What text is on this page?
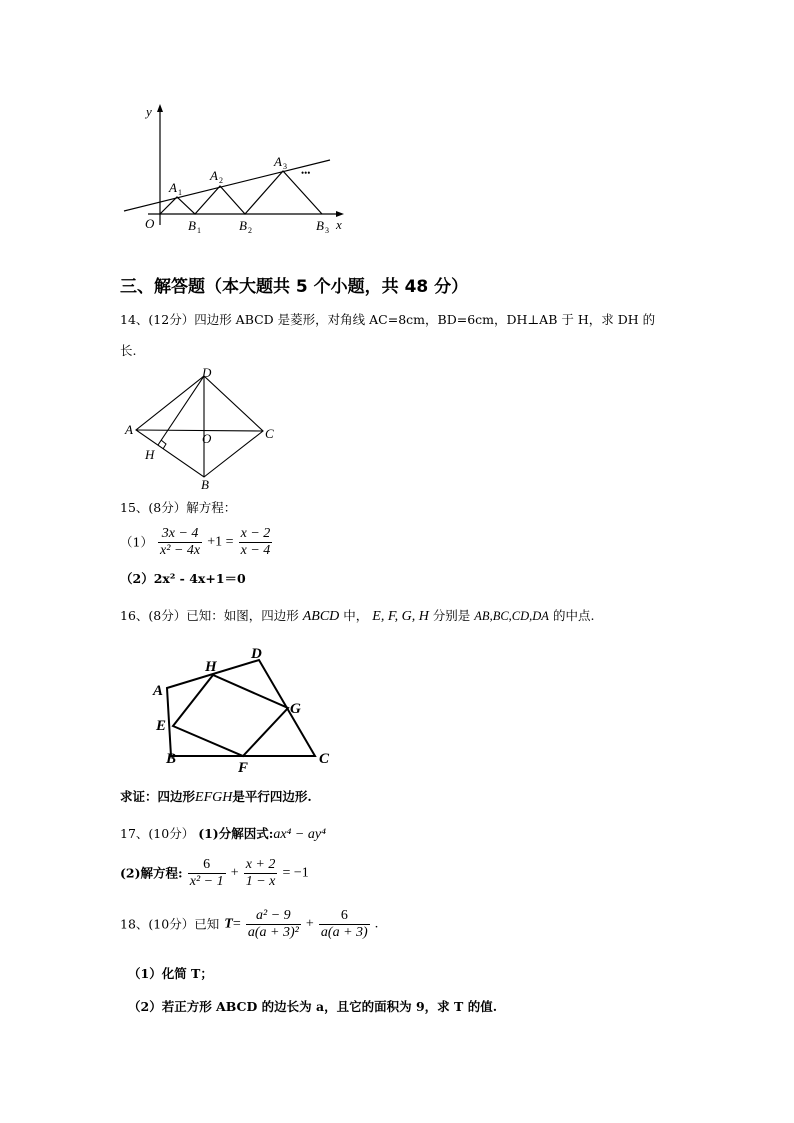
y
x
O
A 1
A 2
A 3
•••
B 1	B 2	B 3
三、解答题（本大题共 5 个小题，共 48 分）
14、(12分）四边形 ABCD 是菱形，对角线 AC=8cm，BD=6cm，DH⊥AB 于 H，求 DH 的
长.
D
A	C
O
H
B
15、(8分）解方程：
$(1) \frac{3x - 4}{\text{x² − 4x}} +1 = \frac{x - 2}{x - 4}$
（2）2x² - 4x+1＝0
16、(8分）已知：如图，四边形 ABCD 中， E, F, G, H 分别是 AB,BC,CD,DA 的中点.
D
H
A
G
E
B
F
C
求证：四边形EFGH是平行四边形.
17、(10分） (1)分解因式:ax⁴ − ay⁴
(2)解方程: $\frac{6}{\text{x² − 1}} + \frac{x + 2}{1 - x} = -1$
18、(10分）已知 $T= \frac{\text{a² − 9}}{\text{a(a + 3)²}} + \frac{6}{a(a + 3)}$ .
（1）化简 T；
（2）若正方形 ABCD 的边长为 a，且它的面积为 9，求 T 的值.
